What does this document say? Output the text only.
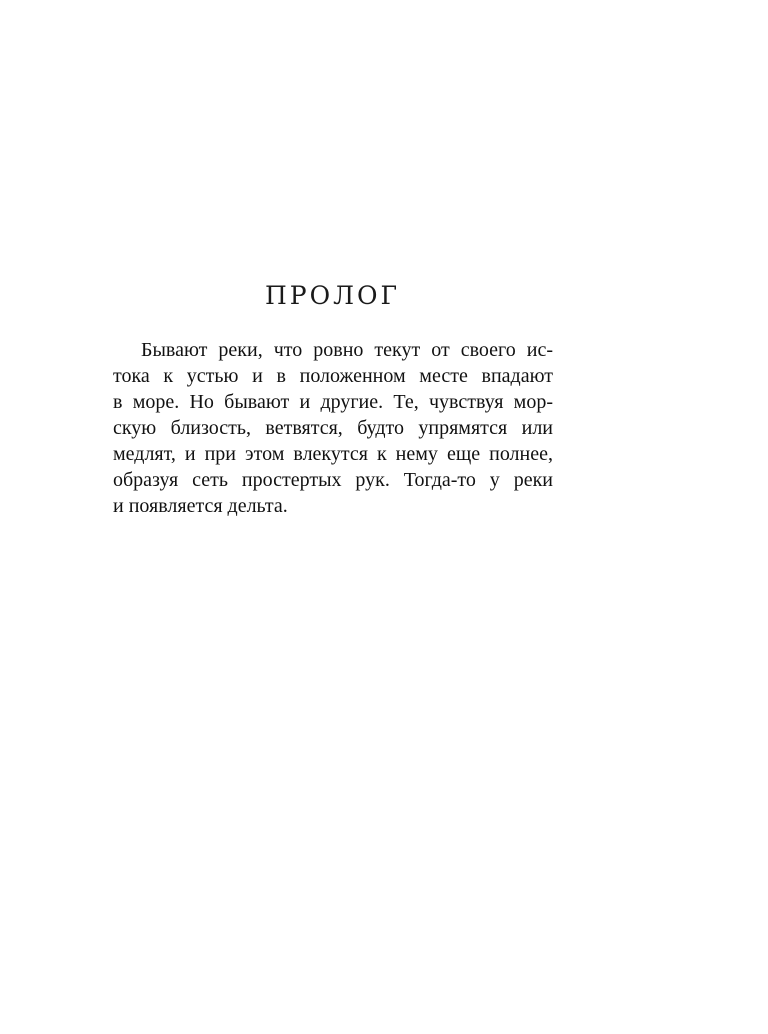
ПРОЛОГ
Бывают реки, что ровно текут от своего ис-
тока к устью и в положенном месте впадают
в море. Но бывают и другие. Те, чувствуя мор-
скую близость, ветвятся, будто упрямятся или
медлят, и при этом влекутся к нему еще полнее,
образуя сеть простертых рук. Тогда-то у реки
и появляется дельта.
